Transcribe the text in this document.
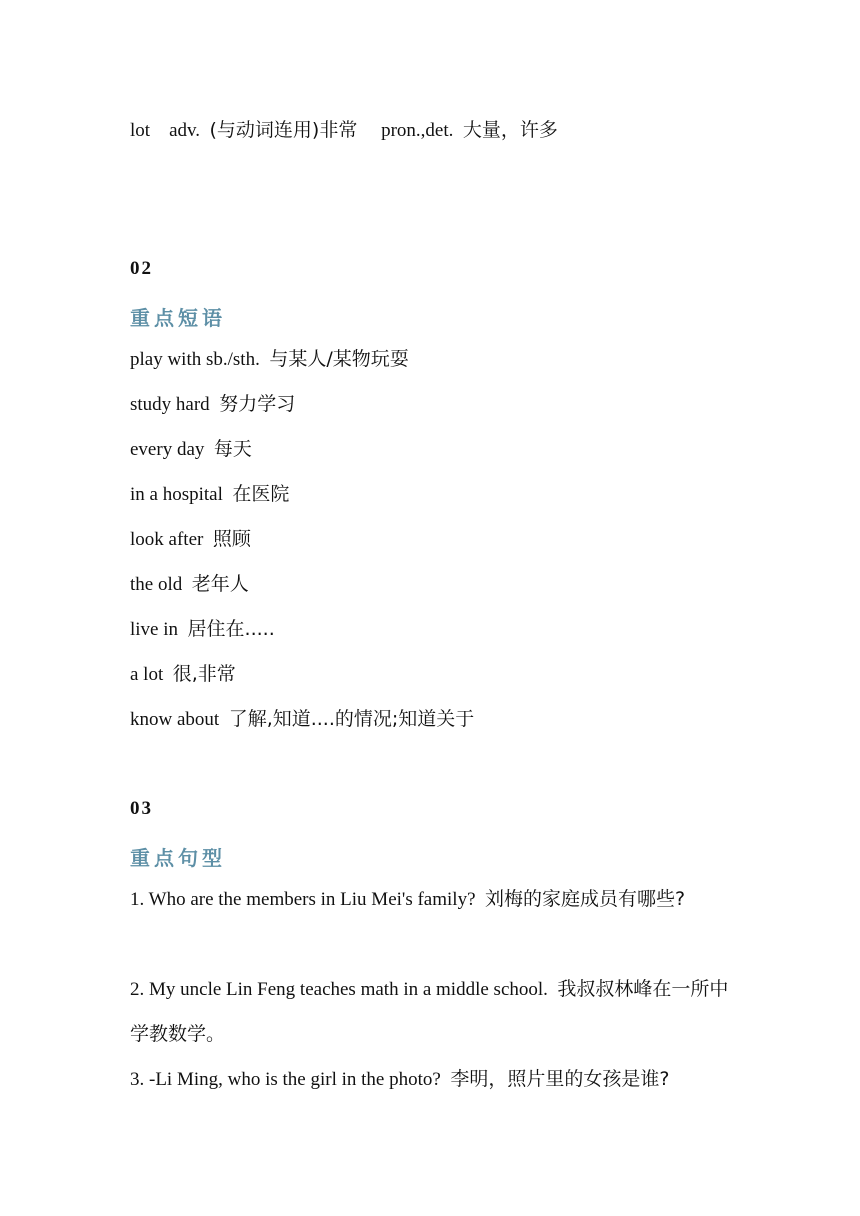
lot adv. (与动词连用)非常 pron.,det. 大量，许多
02
重点短语
play with sb./sth. 与某人/某物玩耍
study hard 努力学习
every day 每天
in a hospital 在医院
look after 照顾
the old 老年人
live in 居住在.....
a lot 很,非常
know about 了解,知道....的情况;知道关于
03
重点句型
1. Who are the members in Liu Mei's family? 刘梅的家庭成员有哪些?
2. My uncle Lin Feng teaches math in a middle school. 我叔叔林峰在一所中学教数学。
3. -Li Ming, who is the girl in the photo? 李明，照片里的女孩是谁?
